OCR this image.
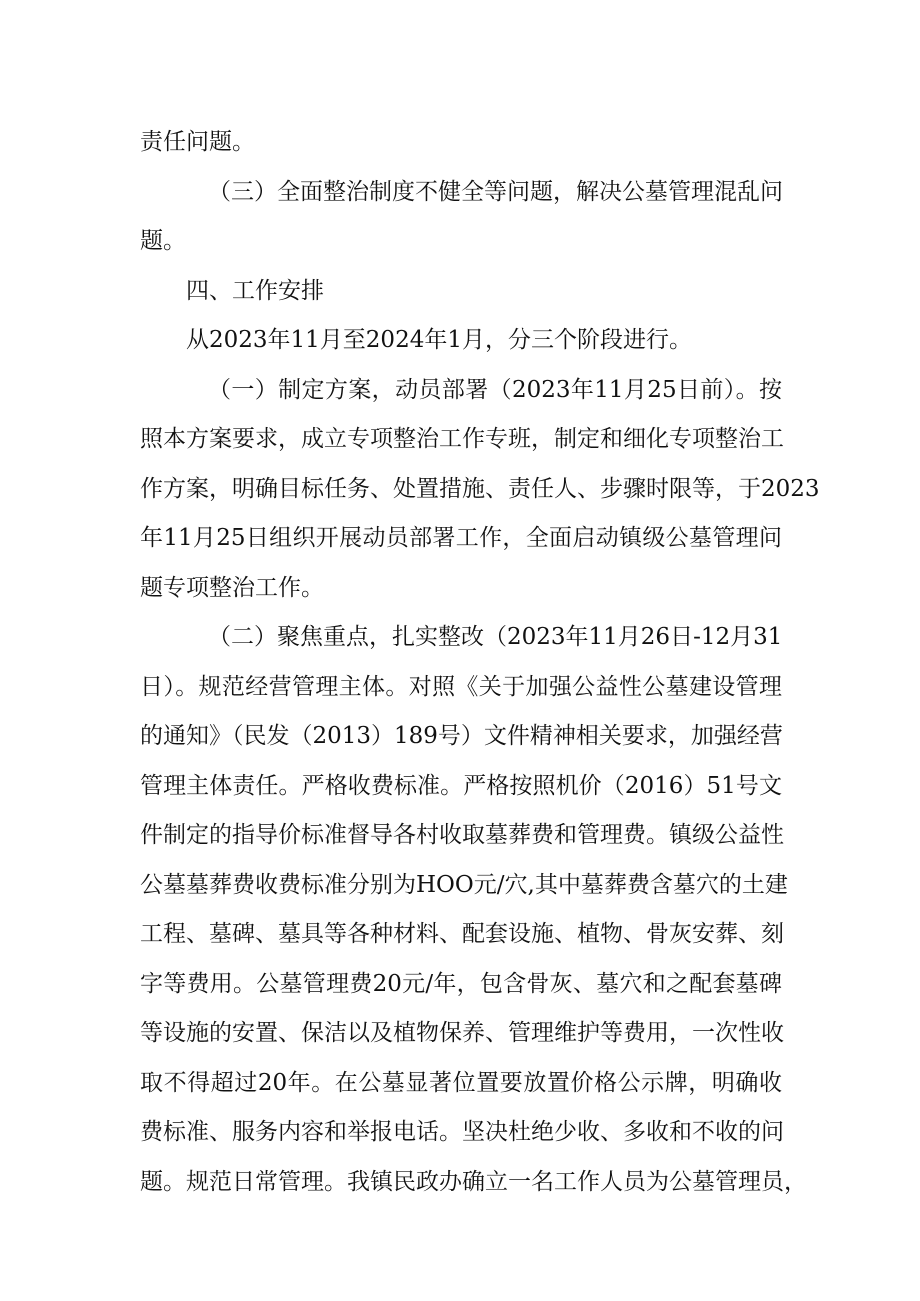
责任问题。
（三）全面整治制度不健全等问题，解决公墓管理混乱问
题。
四、工作安排
从2023年11月至2024年1月，分三个阶段进行。
（一）制定方案，动员部署（2023年11月25日前）。按
照本方案要求，成立专项整治工作专班，制定和细化专项整治工
作方案，明确目标任务、处置措施、责任人、步骤时限等，于2023
年11月25日组织开展动员部署工作，全面启动镇级公墓管理问
题专项整治工作。
（二）聚焦重点，扎实整改（2023年11月26日-12月31
日）。规范经营管理主体。对照《关于加强公益性公墓建设管理
的通知》（民发（2013）189号）文件精神相关要求，加强经营
管理主体责任。严格收费标准。严格按照机价（2016）51号文
件制定的指导价标准督导各村收取墓葬费和管理费。镇级公益性
公墓墓葬费收费标准分别为HOO元/穴,其中墓葬费含墓穴的土建
工程、墓碑、墓具等各种材料、配套设施、植物、骨灰安葬、刻
字等费用。公墓管理费20元/年，包含骨灰、墓穴和之配套墓碑
等设施的安置、保洁以及植物保养、管理维护等费用，一次性收
取不得超过20年。在公墓显著位置要放置价格公示牌，明确收
费标准、服务内容和举报电话。坚决杜绝少收、多收和不收的问
题。规范日常管理。我镇民政办确立一名工作人员为公墓管理员，
